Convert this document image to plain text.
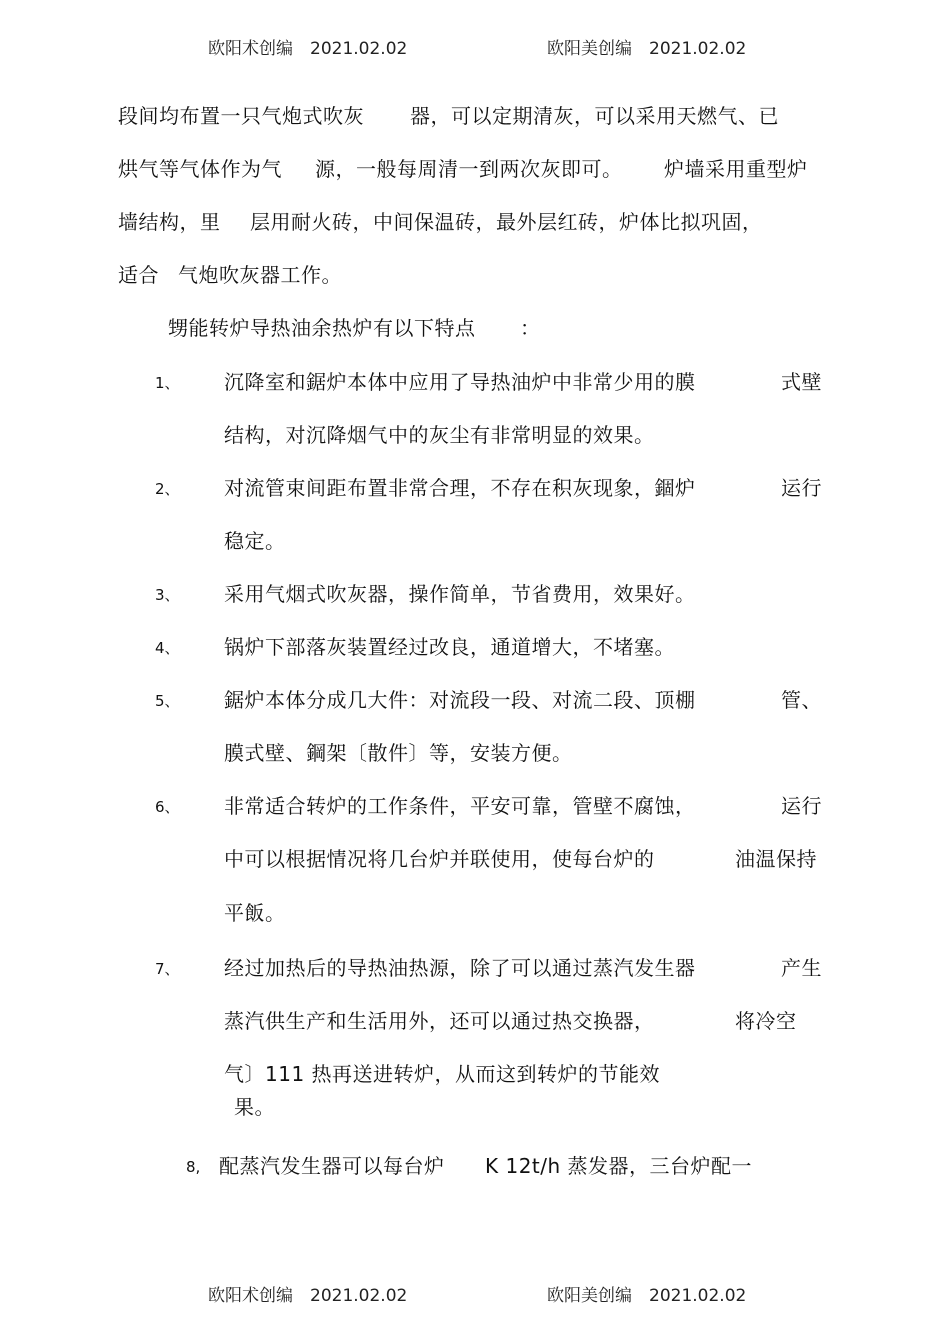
欧阳术创编　2021.02.02	欧阳美创编　2021.02.02
段间均布置一只气炮式吹灰 器，可以定期清灰，可以采用天燃气、已
烘气等气体作为气 源，一般每周清一到两次灰即可。 炉墙采用重型炉
墙结构，里 层用耐火砖，中间保温砖，最外层红砖，炉体比拟巩固，
适合 气炮吹灰器工作。
甥能转炉导热油余热炉有以下特点 ：
1、 沉降室和鋸炉本体中应用了导热油炉中非常少用的膜	式壁
结构，对沉降烟气中的灰尘有非常明显的效果。
2、 对流管束间距布置非常合理，不存在积灰现象，錮炉	运行
稳定。
3、 采用气烟式吹灰器，操作简单，节省费用，效果好。
4、 锅炉下部落灰装置经过改良，通道增大，不堵塞。
5、 鋸炉本体分成几大件：对流段一段、对流二段、顶棚	管、
膜式壁、鋼架〔散件〕等，安装方便。
6、 非常适合转炉的工作条件，平安可靠，管壁不腐蚀，	运行
中可以根据情况将几台炉并联使用，使每台炉的	油温保持
平飯。
7、 经过加热后的导热油热源，除了可以通过蒸汽发生器	产生
蒸汽供生产和生活用外，还可以通过热交换器，	将冷空
气〕111 热再送进转炉，从而这到转炉的节能效
果。
8, 配蒸汽发生器可以每台炉 K 12t/h 蒸发器，三台炉配一
欧阳术创编　2021.02.02	欧阳美创编　2021.02.02
